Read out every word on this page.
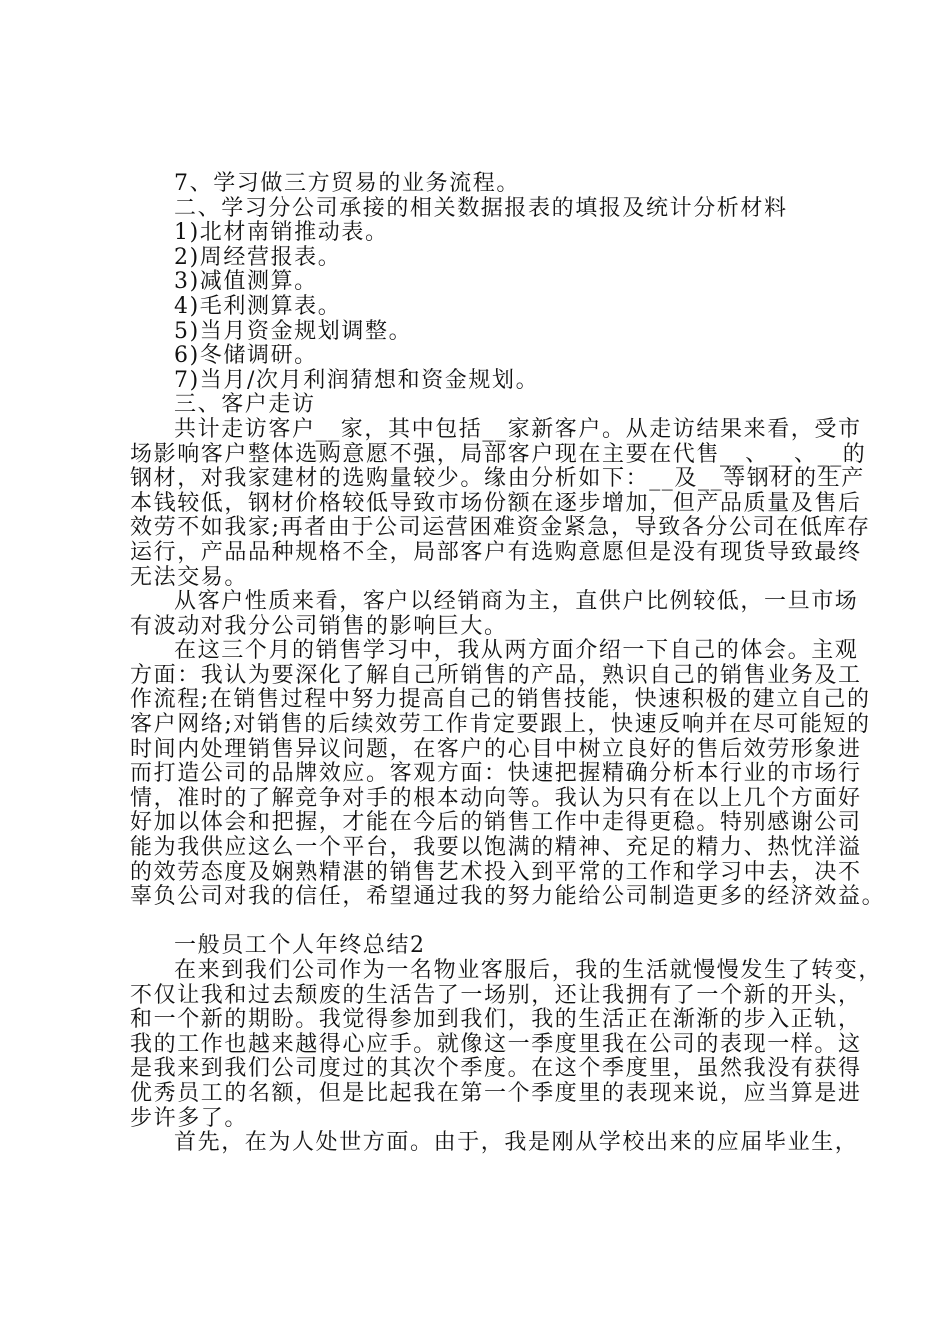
7、学习做三方贸易的业务流程。
二、学习分公司承接的相关数据报表的填报及统计分析材料
1)北材南销推动表。
2)周经营报表。
3)减值测算。
4)毛利测算表。
5)当月资金规划调整。
6)冬储调研。
7)当月/次月利润猜想和资金规划。
三、客户走访
共计走访客户__家，其中包括__家新客户。从走访结果来看，受市
场影响客户整体选购意愿不强，局部客户现在主要在代售__、__、__的
钢材，对我家建材的选购量较少。缘由分析如下：__及__等钢材的生产
本钱较低，钢材价格较低导致市场份额在逐步增加，但产品质量及售后
效劳不如我家;再者由于公司运营困难资金紧急，导致各分公司在低库存
运行，产品品种规格不全，局部客户有选购意愿但是没有现货导致最终
无法交易。
从客户性质来看，客户以经销商为主，直供户比例较低，一旦市场
有波动对我分公司销售的影响巨大。
在这三个月的销售学习中，我从两方面介绍一下自己的体会。主观
方面：我认为要深化了解自己所销售的产品，熟识自己的销售业务及工
作流程;在销售过程中努力提高自己的销售技能，快速积极的建立自己的
客户网络;对销售的后续效劳工作肯定要跟上，快速反响并在尽可能短的
时间内处理销售异议问题，在客户的心目中树立良好的售后效劳形象进
而打造公司的品牌效应。客观方面：快速把握精确分析本行业的市场行
情，准时的了解竞争对手的根本动向等。我认为只有在以上几个方面好
好加以体会和把握，才能在今后的销售工作中走得更稳。特别感谢公司
能为我供应这么一个平台，我要以饱满的精神、充足的精力、热忱洋溢
的效劳态度及娴熟精湛的销售艺术投入到平常的工作和学习中去，决不
辜负公司对我的信任，希望通过我的努力能给公司制造更多的经济效益。
一般员工个人年终总结2
在来到我们公司作为一名物业客服后，我的生活就慢慢发生了转变，
不仅让我和过去颓废的生活告了一场别，还让我拥有了一个新的开头，
和一个新的期盼。我觉得参加到我们，我的生活正在渐渐的步入正轨，
我的工作也越来越得心应手。就像这一季度里我在公司的表现一样。这
是我来到我们公司度过的其次个季度。在这个季度里，虽然我没有获得
优秀员工的名额，但是比起我在第一个季度里的表现来说，应当算是进
步许多了。
首先，在为人处世方面。由于，我是刚从学校出来的应届毕业生，
